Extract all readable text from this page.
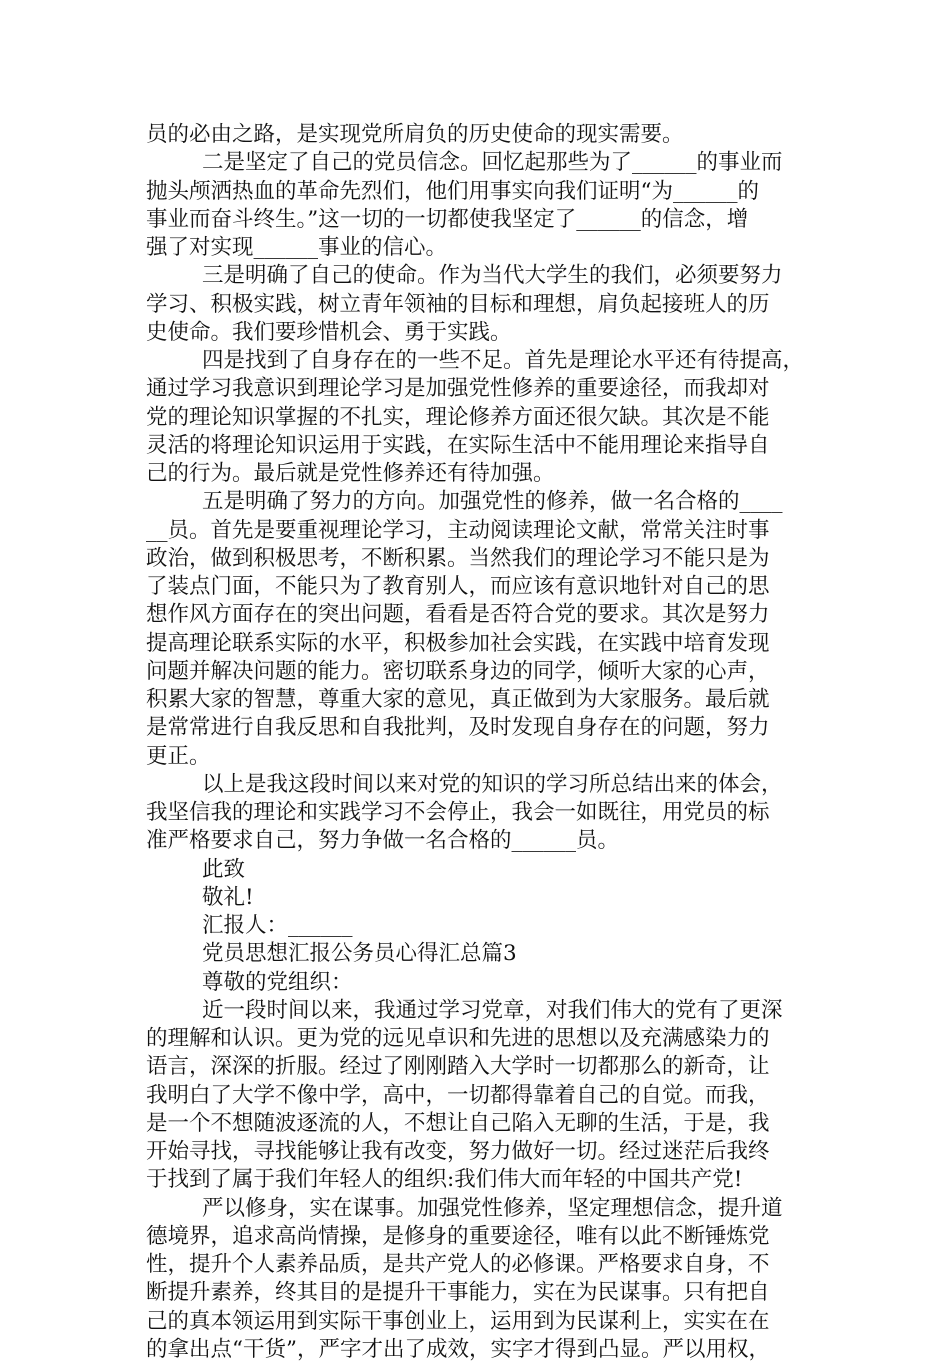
员的必由之路，是实现党所肩负的历史使命的现实需要。
二是坚定了自己的党员信念。回忆起那些为了______的事业而
抛头颅洒热血的革命先烈们，他们用事实向我们证明“为______的
事业而奋斗终生。”这一切的一切都使我坚定了______的信念，增
强了对实现______事业的信心。
三是明确了自己的使命。作为当代大学生的我们，必须要努力
学习、积极实践，树立青年领袖的目标和理想，肩负起接班人的历
史使命。我们要珍惜机会、勇于实践。
四是找到了自身存在的一些不足。首先是理论水平还有待提高，
通过学习我意识到理论学习是加强党性修养的重要途径，而我却对
党的理论知识掌握的不扎实，理论修养方面还很欠缺。其次是不能
灵活的将理论知识运用于实践，在实际生活中不能用理论来指导自
己的行为。最后就是党性修养还有待加强。
五是明确了努力的方向。加强党性的修养，做一名合格的____
__员。首先是要重视理论学习，主动阅读理论文献，常常关注时事
政治，做到积极思考，不断积累。当然我们的理论学习不能只是为
了装点门面，不能只为了教育别人，而应该有意识地针对自己的思
想作风方面存在的突出问题，看看是否符合党的要求。其次是努力
提高理论联系实际的水平，积极参加社会实践，在实践中培育发现
问题并解决问题的能力。密切联系身边的同学，倾听大家的心声，
积累大家的智慧，尊重大家的意见，真正做到为大家服务。最后就
是常常进行自我反思和自我批判，及时发现自身存在的问题，努力
更正。
以上是我这段时间以来对党的知识的学习所总结出来的体会，
我坚信我的理论和实践学习不会停止，我会一如既往，用党员的标
准严格要求自己，努力争做一名合格的______员。
此致
敬礼!
汇报人：______
党员思想汇报公务员心得汇总篇3
尊敬的党组织：
近一段时间以来，我通过学习党章，对我们伟大的党有了更深
的理解和认识。更为党的远见卓识和先进的思想以及充满感染力的
语言，深深的折服。经过了刚刚踏入大学时一切都那么的新奇，让
我明白了大学不像中学，高中，一切都得靠着自己的自觉。而我，
是一个不想随波逐流的人，不想让自己陷入无聊的生活，于是，我
开始寻找，寻找能够让我有改变，努力做好一切。经过迷茫后我终
于找到了属于我们年轻人的组织:我们伟大而年轻的中国共产党!
严以修身，实在谋事。加强党性修养，坚定理想信念，提升道
德境界，追求高尚情操，是修身的重要途径，唯有以此不断锤炼党
性，提升个人素养品质，是共产党人的必修课。严格要求自身，不
断提升素养，终其目的是提升干事能力，实在为民谋事。只有把自
己的真本领运用到实际干事创业上，运用到为民谋利上，实实在在
的拿出点“干货”，严字才出了成效，实字才得到凸显。严以用权，
